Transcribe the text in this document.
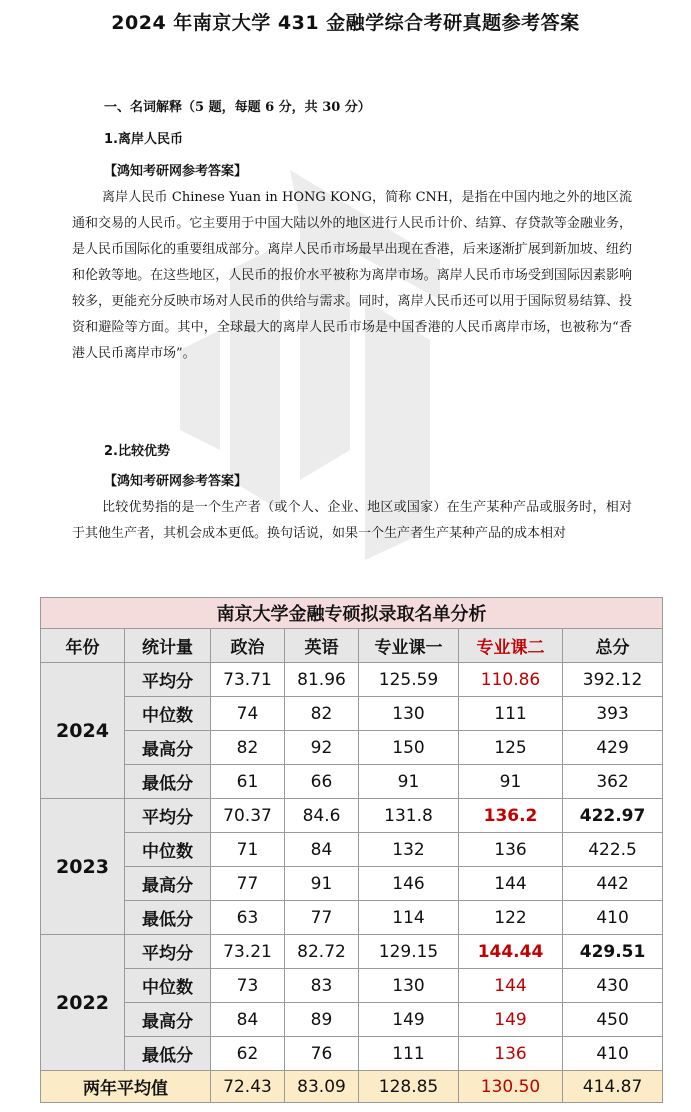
2024 年南京大学 431 金融学综合考研真题参考答案
一、名词解释（5 题，每题 6 分，共 30 分）
1.离岸人民币
【鸿知考研网参考答案】

离岸人民币 Chinese Yuan in HONG KONG，简称 CNH，是指在中国内地之外的地区流通和交易的人民币。它主要用于中国大陆以外的地区进行人民币计价、结算、存贷款等金融业务，是人民币国际化的重要组成部分。离岸人民币市场最早出现在香港，后来逐渐扩展到新加坡、纽约和伦敦等地。在这些地区，人民币的报价水平被称为离岸市场。离岸人民币市场受到国际因素影响较多，更能充分反映市场对人民币的供给与需求。同时，离岸人民币还可以用于国际贸易结算、投资和避险等方面。其中，全球最大的离岸人民币市场是中国香港的人民币离岸市场，也被称为“香港人民币离岸市场”。

2.比较优势
【鸿知考研网参考答案】

比较优势指的是一个生产者（或个人、企业、地区或国家）在生产某种产品或服务时，相对于其他生产者，其机会成本更低。换句话说，如果一个生产者生产某种产品的成本相对

南京大学金融专硕拟录取名单分析						
年份	统计量	政治	英语	专业课一	专业课二	总分
2024	平均分	73.71	81.96	125.59	110.86	392.12
	中位数	74	82	130	111	393
	最高分	82	92	150	125	429
	最低分	61	66	91	91	362
2023	平均分	70.37	84.6	131.8	136.2	422.97
	中位数	71	84	132	136	422.5
	最高分	77	91	146	144	442
	最低分	63	77	114	122	410
2022	平均分	73.21	82.72	129.15	144.44	429.51
	中位数	73	83	130	144	430
	最高分	84	89	149	149	450
	最低分	62	76	111	136	410
两年平均值		72.43	83.09	128.85	130.50	414.87
